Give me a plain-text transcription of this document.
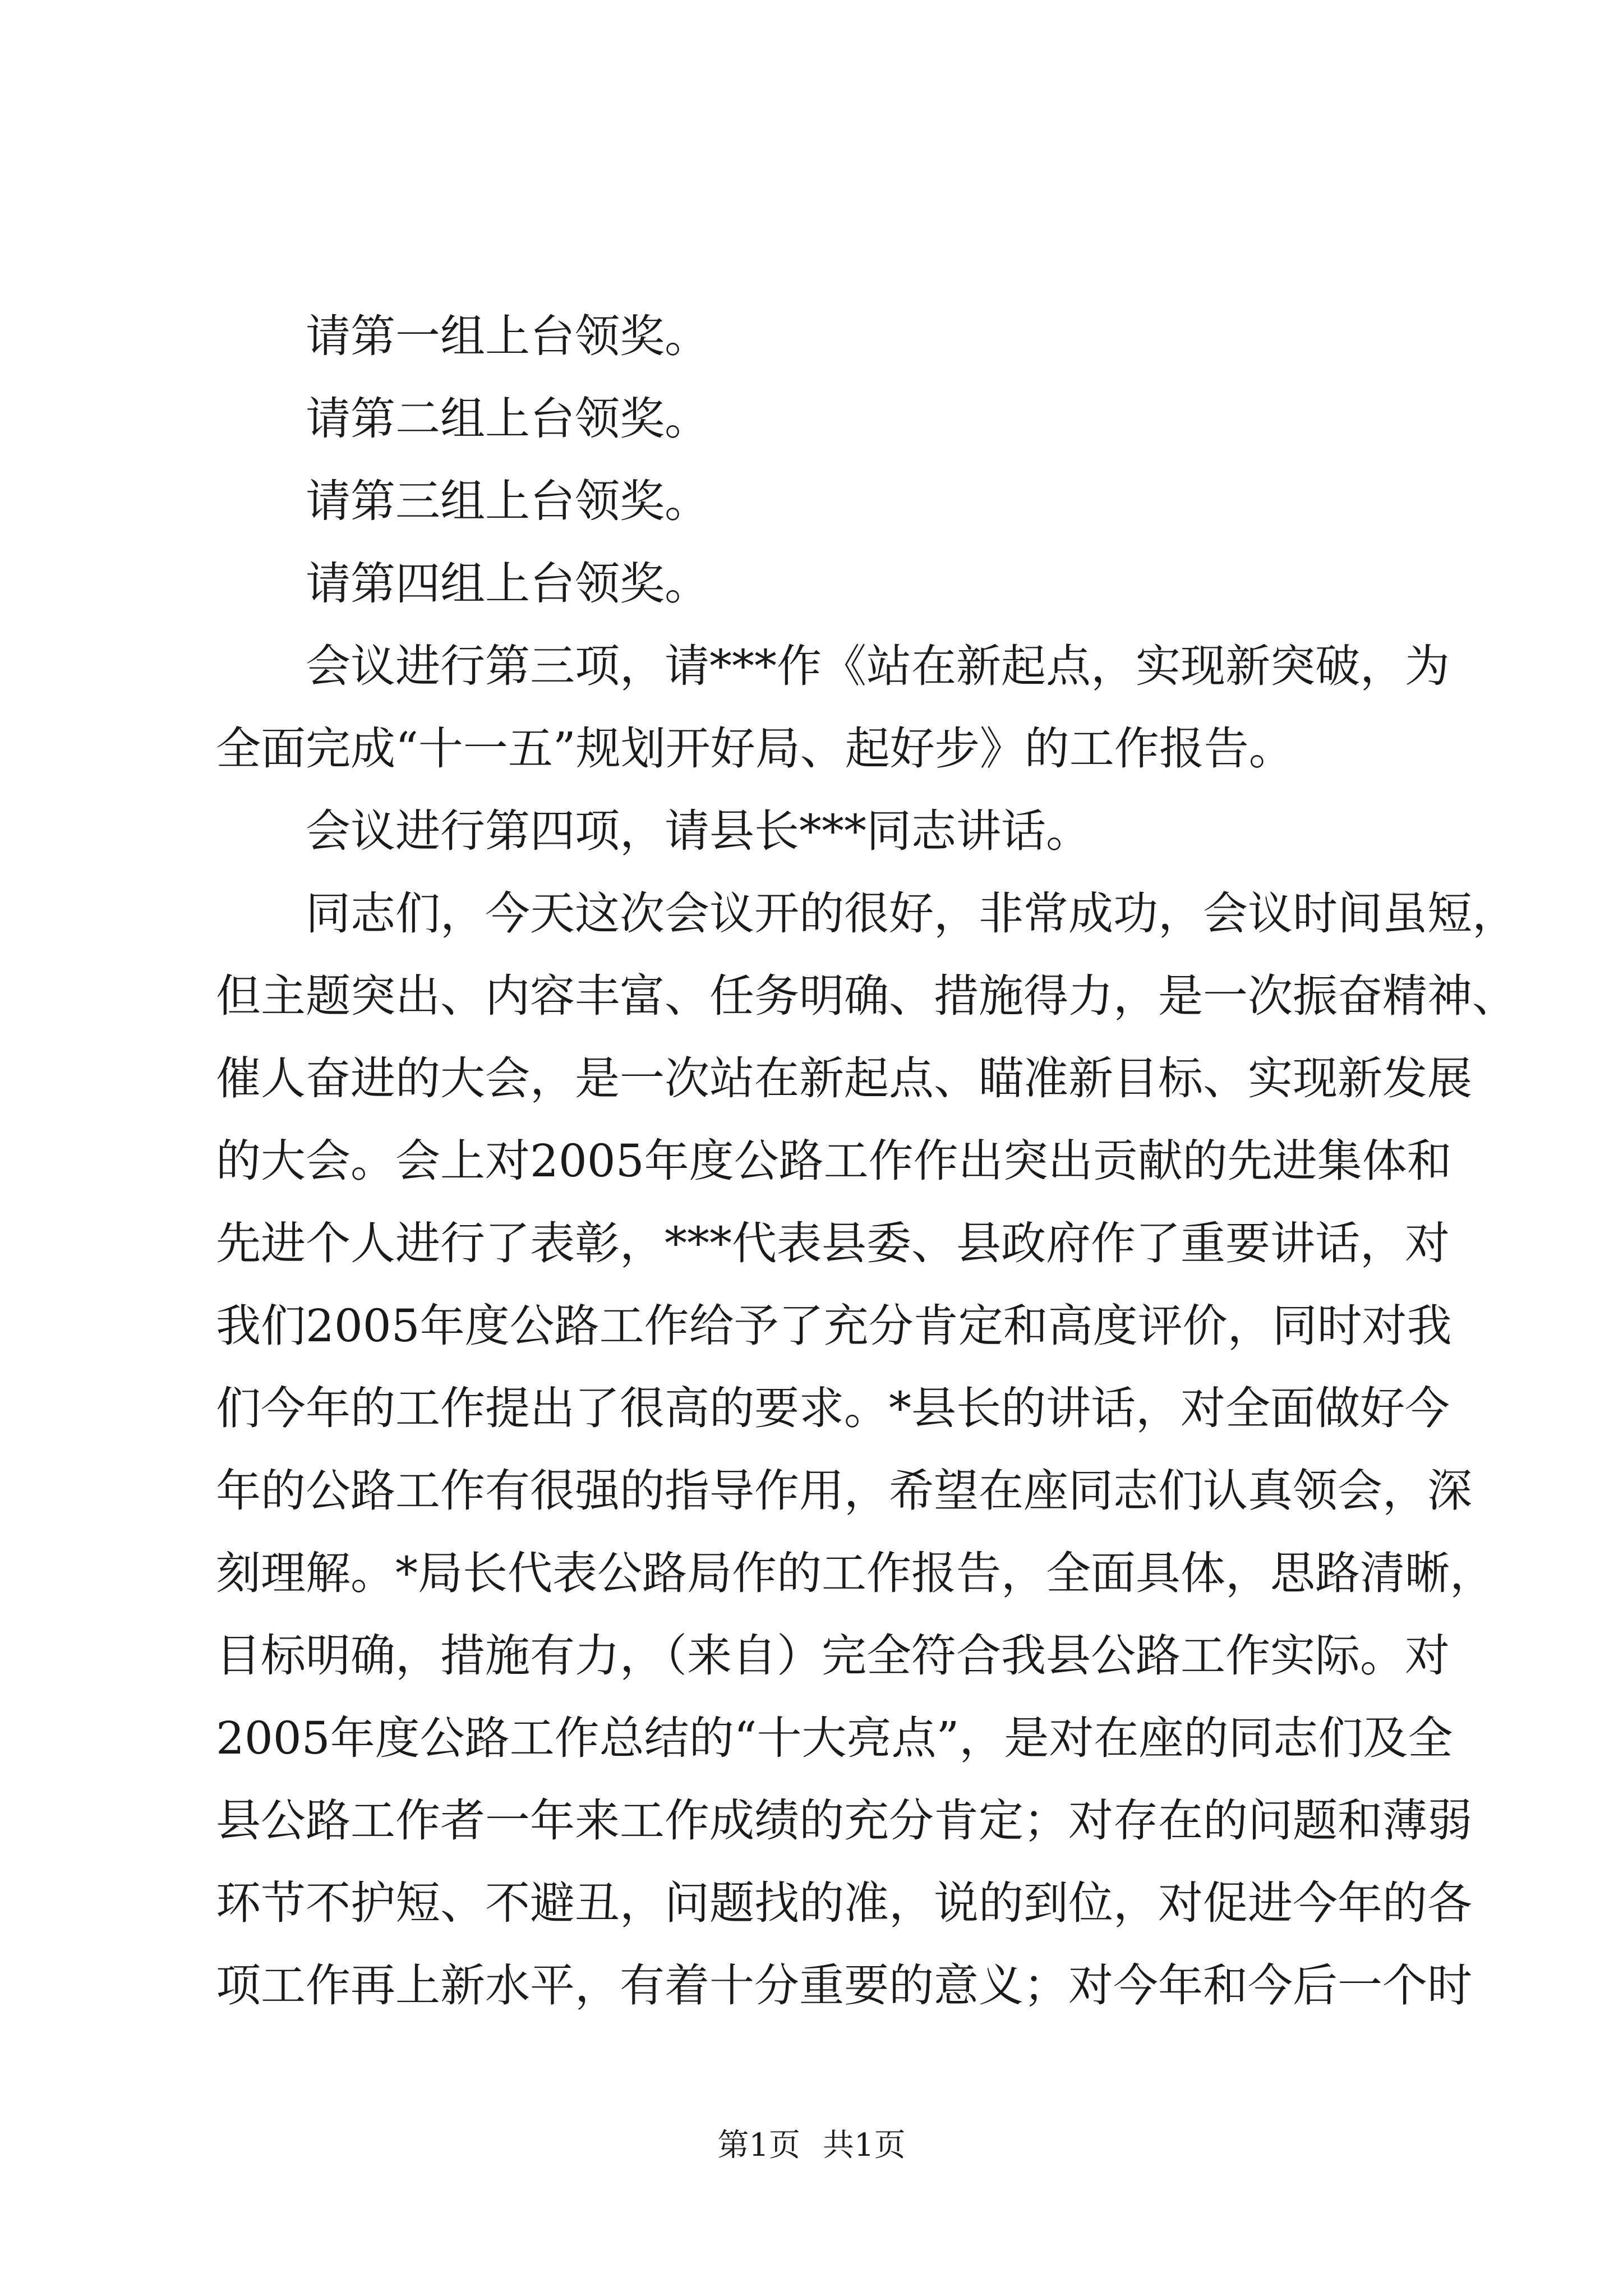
请第一组上台领奖。
请第二组上台领奖。
请第三组上台领奖。
请第四组上台领奖。
会议进行第三项，请***作《站在新起点，实现新突破，为
全面完成“十一五”规划开好局、起好步》的工作报告。
会议进行第四项，请县长***同志讲话。
同志们，今天这次会议开的很好，非常成功，会议时间虽短，
但主题突出、内容丰富、任务明确、措施得力，是一次振奋精神、
催人奋进的大会，是一次站在新起点、瞄准新目标、实现新发展
的大会。会上对2005年度公路工作作出突出贡献的先进集体和
先进个人进行了表彰，***代表县委、县政府作了重要讲话，对
我们2005年度公路工作给予了充分肯定和高度评价，同时对我
们今年的工作提出了很高的要求。*县长的讲话，对全面做好今
年的公路工作有很强的指导作用，希望在座同志们认真领会，深
刻理解。*局长代表公路局作的工作报告，全面具体，思路清晰，
目标明确，措施有力，（来自）完全符合我县公路工作实际。对
2005年度公路工作总结的“十大亮点”，是对在座的同志们及全
县公路工作者一年来工作成绩的充分肯定；对存在的问题和薄弱
环节不护短、不避丑，问题找的准，说的到位，对促进今年的各
项工作再上新水平，有着十分重要的意义；对今年和今后一个时
第1页 共1页
